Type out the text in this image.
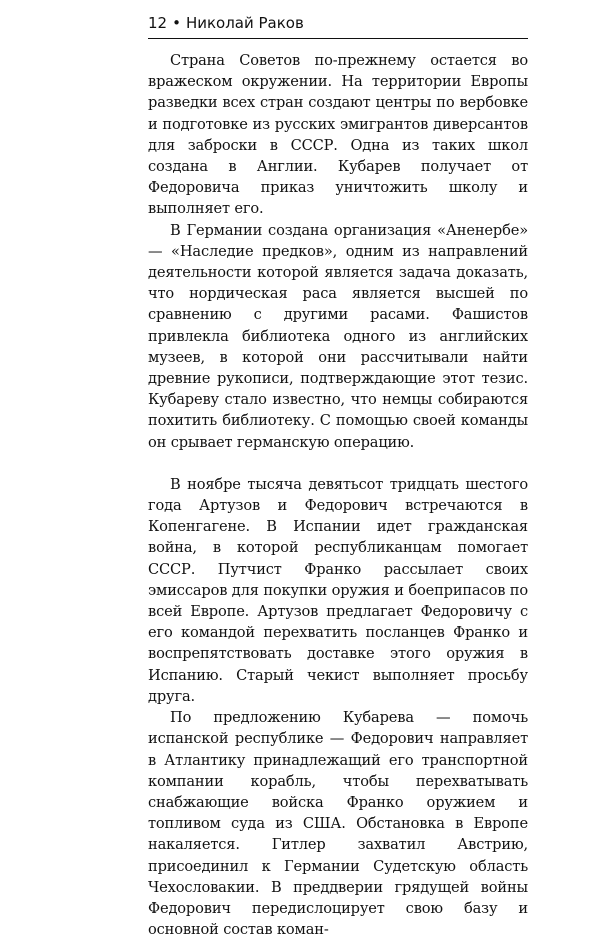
12 • Николай Раков

Страна Советов по-прежнему остается во вражеском окружении. На территории Европы разведки всех стран создают центры по вербовке и подготовке из русских эмигрантов диверсантов для заброски в СССР. Одна из таких школ создана в Англии. Кубарев получает от Федоровича приказ уничтожить школу и выполняет его.

В Германии создана организация «Аненербе» — «Наследие предков», одним из направлений деятельности которой является задача доказать, что нордическая раса является высшей по сравнению с другими расами. Фашистов привлекла библиотека одного из английских музеев, в которой они рассчитывали найти древние рукописи, подтверждающие этот тезис. Кубареву стало известно, что немцы собираются похитить библиотеку. С помощью своей команды он срывает германскую операцию.

В ноябре тысяча девятьсот тридцать шестого года Артузов и Федорович встречаются в Копенгагене. В Испании идет гражданская война, в которой республиканцам помогает СССР. Путчист Франко рассылает своих эмиссаров для покупки оружия и боеприпасов по всей Европе. Артузов предлагает Федоровичу с его командой перехватить посланцев Франко и воспрепятствовать доставке этого оружия в Испанию. Старый чекист выполняет просьбу друга.

По предложению Кубарева — помочь испанской республике — Федорович направляет в Атлантику принадлежащий его транспортной компании корабль, чтобы перехватывать снабжающие войска Франко оружием и топливом суда из США. Обстановка в Европе накаляется. Гитлер захватил Австрию, присоединил к Германии Судетскую область Чехословакии. В преддверии грядущей войны Федорович передислоцирует свою базу и основной состав коман-
